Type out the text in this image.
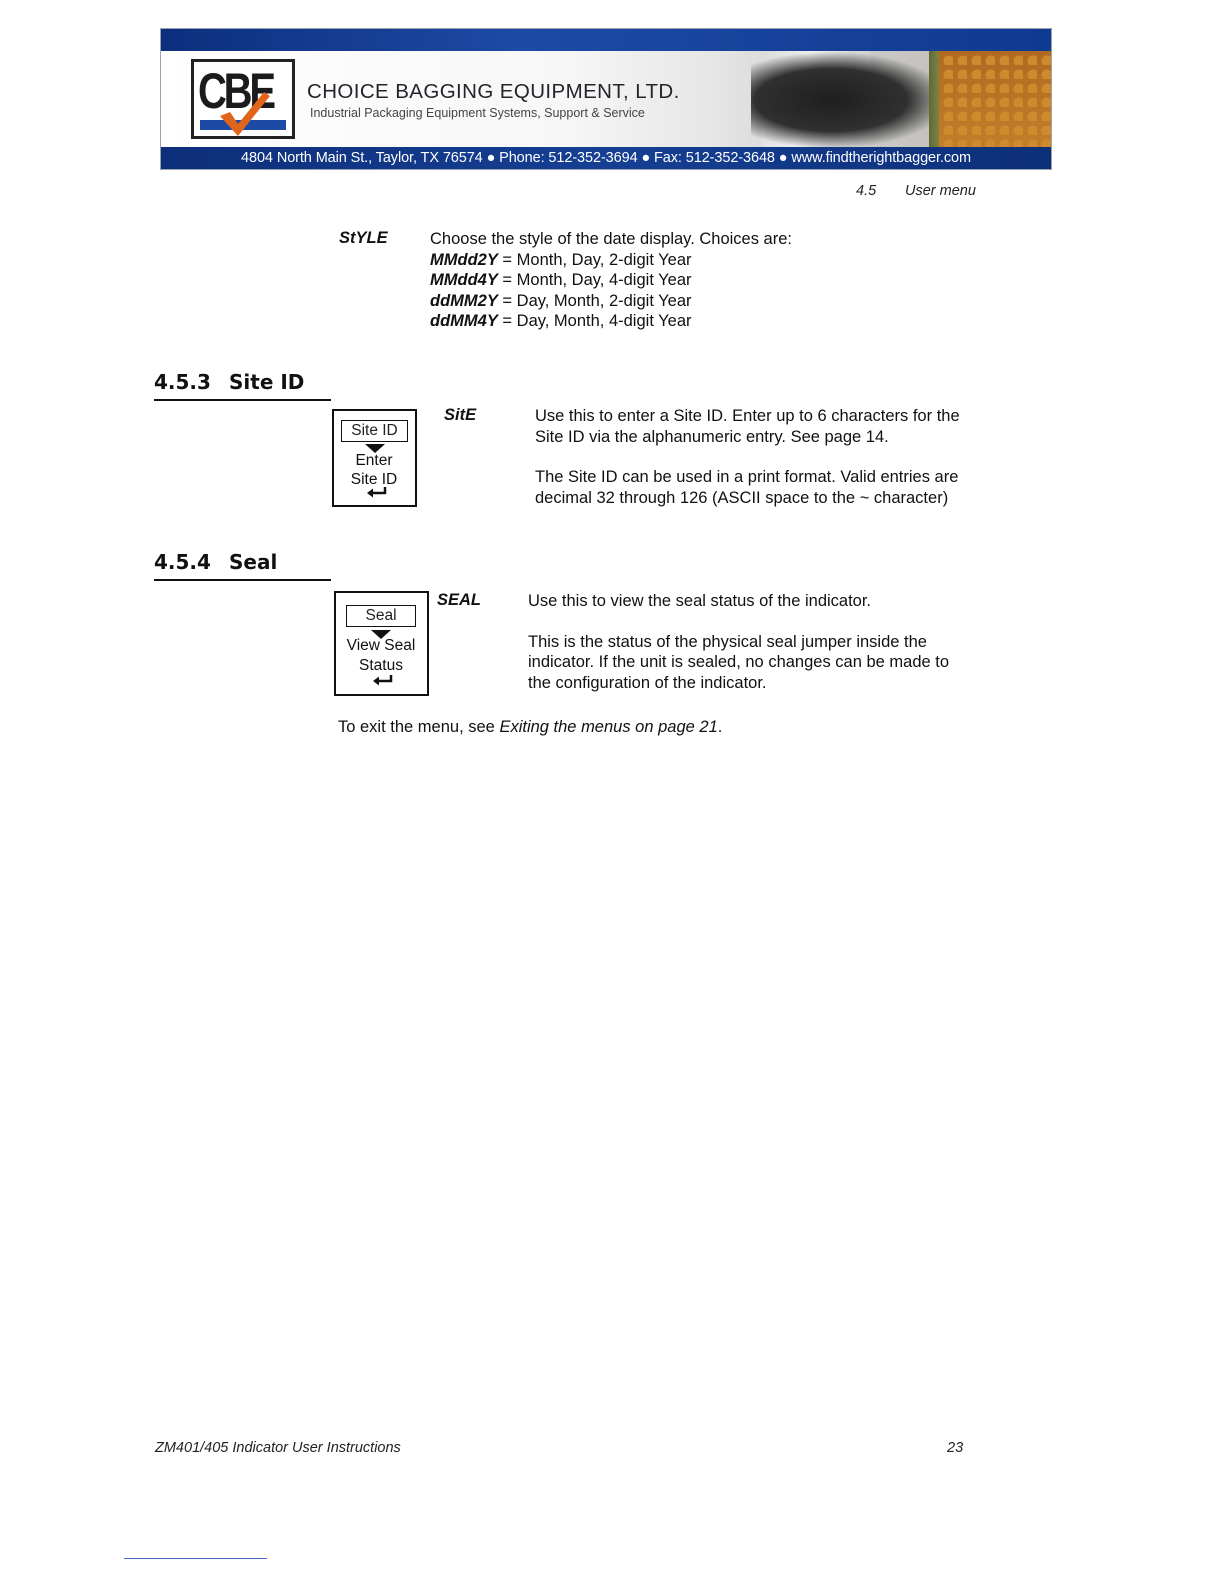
CBE CHOICE BAGGING EQUIPMENT, LTD.
Industrial Packaging Equipment Systems, Support & Service
4804 North Main St., Taylor, TX 76574 ● Phone: 512-352-3694 ● Fax: 512-352-3648 ● www.findtherightbagger.com
4.5 User menu
StYLE	Choose the style of the date display. Choices are:
MMdd2Y = Month, Day, 2-digit Year
MMdd4Y = Month, Day, 4-digit Year
ddMM2Y = Day, Month, 2-digit Year
ddMM4Y = Day, Month, 4-digit Year
4.5.3 Site ID
Site ID
Enter
Site ID
SitE	Use this to enter a Site ID. Enter up to 6 characters for the Site ID via the alphanumeric entry. See page 14.
The Site ID can be used in a print format. Valid entries are decimal 32 through 126 (ASCII space to the ~ character)
4.5.4 Seal
Seal
View Seal
Status
SEAL	Use this to view the seal status of the indicator.
This is the status of the physical seal jumper inside the indicator. If the unit is sealed, no changes can be made to the configuration of the indicator.
To exit the menu, see Exiting the menus on page 21.
ZM401/405 Indicator User Instructions	23
